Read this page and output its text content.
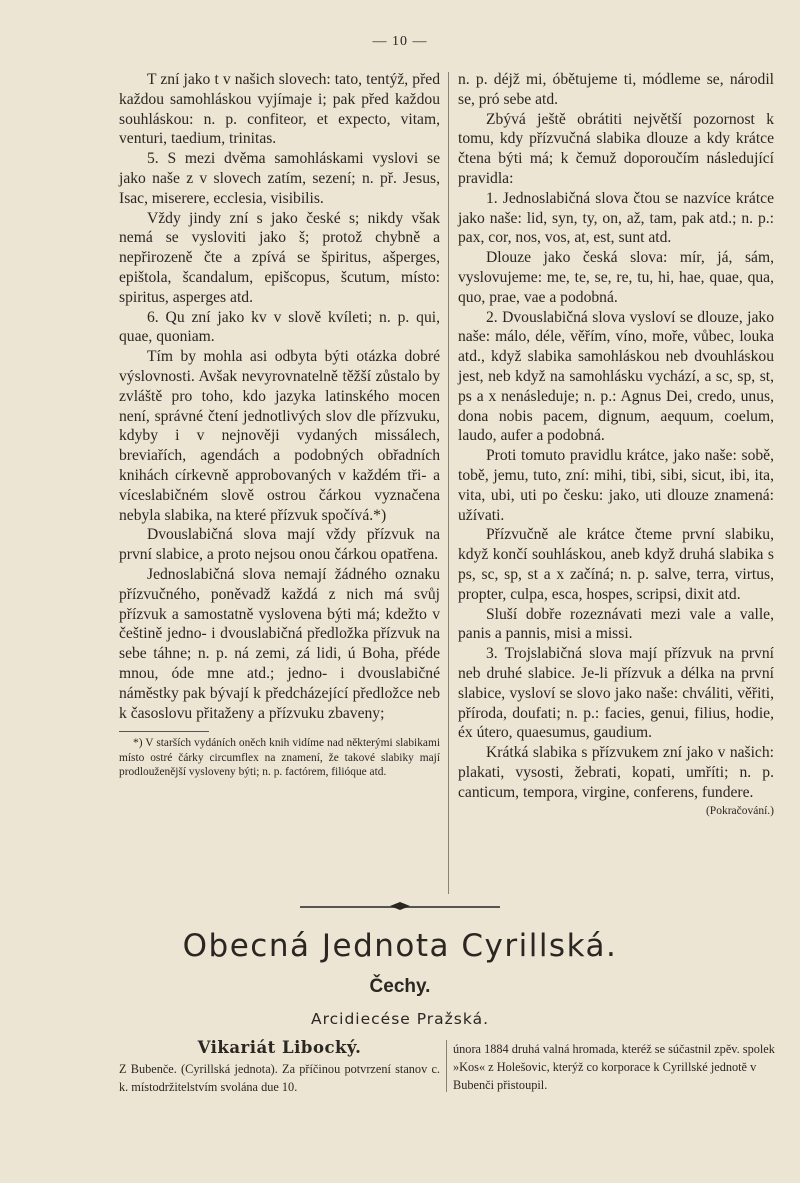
— 10 —

T zní jako t v našich slovech: tato, tentýž, před každou samohláskou vyjímaje i; pak před každou souhláskou: n. p. confiteor, et expecto, vitam, venturi, taedium, trinitas.

5. S mezi dvěma samohláskami vyslovi se jako naše z v slovech zatím, sezení; n. př. Jesus, Isac, miserere, ecclesia, visibilis.

Vždy jindy zní s jako české s; nikdy však nemá se vysloviti jako š; protož chybně a nepřirozeně čte a zpívá se špiritus, ašperges, epištola, šcandalum, epišcopus, šcutum, místo: spiritus, asperges atd.

6. Qu zní jako kv v slově kvíleti; n. p. qui, quae, quoniam.

Tím by mohla asi odbyta býti otázka dobré výslovnosti. Avšak nevyrovnatelně těžší zůstalo by zvláště pro toho, kdo jazyka latinského mocen není, správné čtení jednotlivých slov dle přízvuku, kdyby i v nejnověji vydaných missálech, breviařích, agendách a podobných obřadních knihách církevně approbovaných v každém tři- a víceslabičném slově ostrou čárkou vyznačena nebyla slabika, na které přízvuk spočívá.*)

Dvouslabičná slova mají vždy přízvuk na první slabice, a proto nejsou onou čárkou opatřena.

Jednoslabičná slova nemají žádného oznaku přízvučného, poněvadž každá z nich má svůj přízvuk a samostatně vyslovena býti má; kdežto v češtině jedno- i dvouslabičná předložka přízvuk na sebe táhne; n. p. ná zemi, zá lidi, ú Boha, přéde mnou, óde mne atd.; jedno- i dvouslabičné náměstky pak bývají k předcházející předložce neb k časoslovu přitaženy a přízvuku zbaveny;

*) V starších vydáních oněch knih vidíme nad některými slabikami místo ostré čárky circumflex na znamení, že takové slabiky mají prodlouženější vysloveny býti; n. p. factórem, filióque atd.

n. p. déjž mi, óbětujeme ti, módleme se, národil se, pró sebe atd.

Zbývá ještě obrátiti největší pozornost k tomu, kdy přízvučná slabika dlouze a kdy krátce čtena býti má; k čemuž doporoučím následující pravidla:

1. Jednoslabičná slova čtou se nazvíce krátce jako naše: lid, syn, ty, on, až, tam, pak atd.; n. p.: pax, cor, nos, vos, at, est, sunt atd.

Dlouze jako česká slova: mír, já, sám, vyslovujeme: me, te, se, re, tu, hi, hae, quae, qua, quo, prae, vae a podobná.

2. Dvouslabičná slova vysloví se dlouze, jako naše: málo, déle, věřím, víno, moře, vůbec, louka atd., když slabika samohláskou neb dvouhláskou jest, neb když na samohlásku vychází, a sc, sp, st, ps a x nenásleduje; n. p.: Agnus Dei, credo, unus, dona nobis pacem, dignum, aequum, coelum, laudo, aufer a podobná.

Proti tomuto pravidlu krátce, jako naše: sobě, tobě, jemu, tuto, zní: mihi, tibi, sibi, sicut, ibi, ita, vita, ubi, uti po česku: jako, uti dlouze znamená: užívati.

Přízvučně ale krátce čteme první slabiku, když končí souhláskou, aneb když druhá slabika s ps, sc, sp, st a x začíná; n. p. salve, terra, virtus, propter, culpa, esca, hospes, scripsi, dixit atd.

Sluší dobře rozeznávati mezi vale a valle, panis a pannis, misi a missi.

3. Trojslabičná slova mají přízvuk na první neb druhé slabice. Je-li přízvuk a délka na první slabice, vysloví se slovo jako naše: chváliti, věřiti, příroda, doufati; n. p.: facies, genui, filius, hodie, éx útero, quaesumus, gaudium.

Krátká slabika s přízvukem zní jako v našich: plakati, vysosti, žebrati, kopati, umříti; n. p. canticum, tempora, virgine, conferens, fundere.

(Pokračování.)

Obecná Jednota Cyrillská.
Čechy.
Arcidiecése Pražská.
Vikariát Libocký.
Z Bubenče. (Cyrillská jednota). Za příčinou potvrzení stanov c. k. místodržitelstvím svolána due 10.
února 1884 druhá valná hromada, kteréž se súčastnil zpěv. spolek »Kos« z Holešovic, kterýž co korporace k Cyrillské jednotě v Bubenči přistoupil.
